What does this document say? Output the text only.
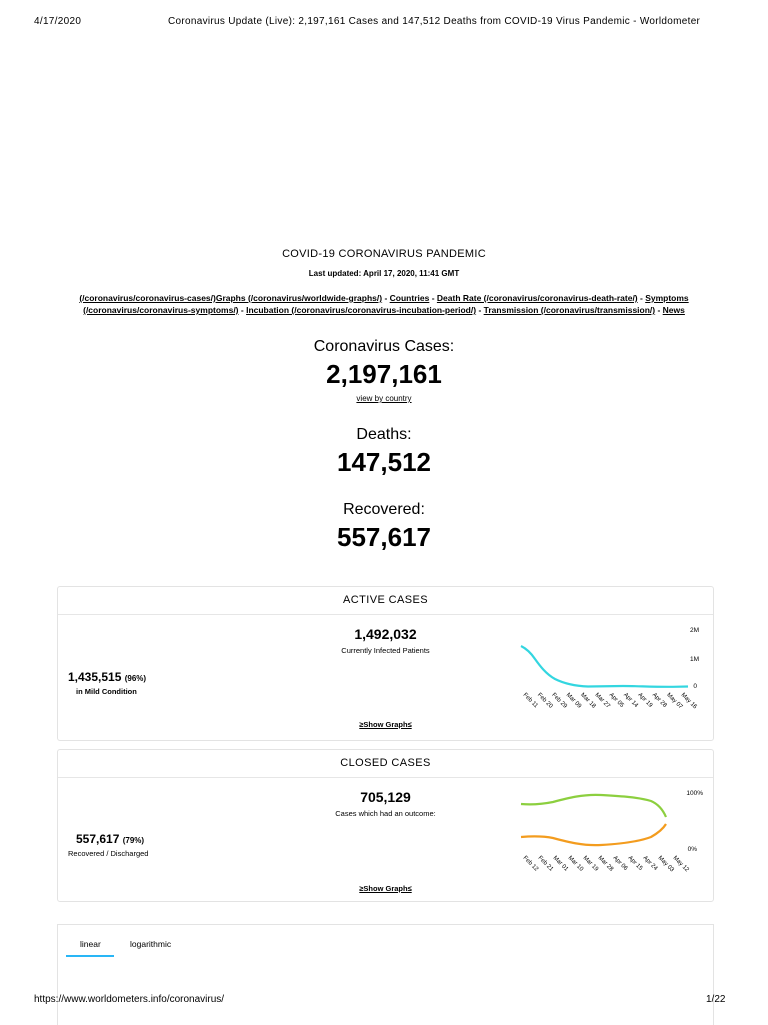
4/17/2020	Coronavirus Update (Live): 2,197,161 Cases and 147,512 Deaths from COVID-19 Virus Pandemic - Worldometer
COVID-19 CORONAVIRUS PANDEMIC
Last updated: April 17, 2020, 11:41 GMT
(/coronavirus/coronavirus-cases/)Graphs (/coronavirus/worldwide-graphs/) - Countries - Death Rate (/coronavirus/coronavirus-death-rate/) - Symptoms
(/coronavirus/coronavirus-symptoms/) - Incubation (/coronavirus/coronavirus-incubation-period/) - Transmission (/coronavirus/transmission/) - News
Coronavirus Cases:
2,197,161
view by country
Deaths:
147,512
Recovered:
557,617
ACTIVE CASES
1,492,032
Currently Infected Patients
1,435,515 (96%)
in Mild Condition
≥Show Graph≤
2M
1M
0
Feb 11
Feb 20
Feb 29
Mar 09
Mar 18
Mar 27
Apr 05
Apr 14
Apr 19
Apr 28
May 07
May 16
CLOSED CASES
705,129
Cases which had an outcome:
557,617 (79%)
Recovered / Discharged
≥Show Graph≤
100%
0%
Feb 12
Feb 21
Mar 01
Mar 10
Mar 19
Mar 28
Apr 06
Apr 15
Apr 24
May 03
May 12
linear	logarithmic
https://www.worldometers.info/coronavirus/	1/22
